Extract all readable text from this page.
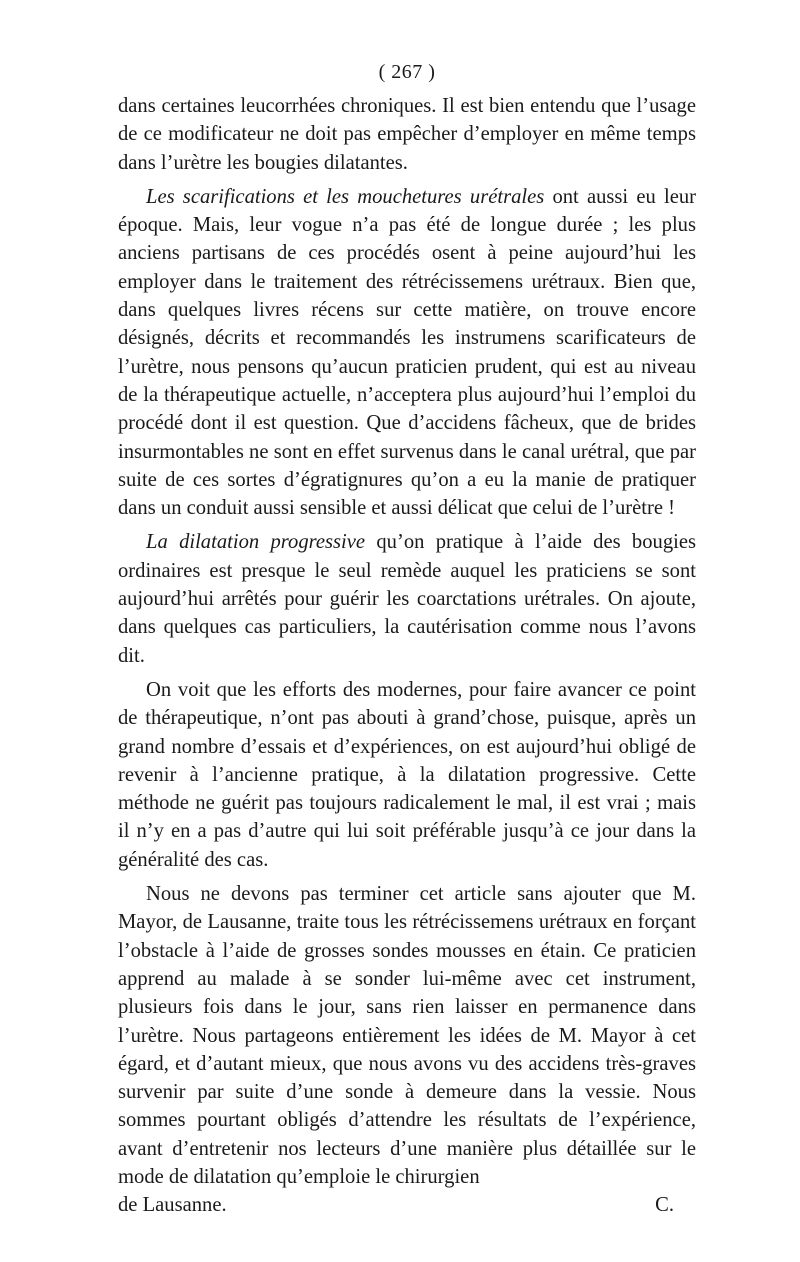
( 267 )

dans certaines leucorrhées chroniques. Il est bien entendu que l’usage de ce modificateur ne doit pas empêcher d’employer en même temps dans l’urètre les bougies dilatantes.

Les scarifications et les mouchetures urétrales ont aussi eu leur époque. Mais, leur vogue n’a pas été de longue durée ; les plus anciens partisans de ces procédés osent à peine aujourd’hui les employer dans le traitement des rétrécissemens urétraux. Bien que, dans quelques livres récens sur cette matière, on trouve encore désignés, décrits et recommandés les instrumens scarificateurs de l’urètre, nous pensons qu’aucun praticien prudent, qui est au niveau de la thérapeutique actuelle, n’acceptera plus aujourd’hui l’emploi du procédé dont il est question. Que d’accidens fâcheux, que de brides insurmontables ne sont en effet survenus dans le canal urétral, que par suite de ces sortes d’égratignures qu’on a eu la manie de pratiquer dans un conduit aussi sensible et aussi délicat que celui de l’urètre !

La dilatation progressive qu’on pratique à l’aide des bougies ordinaires est presque le seul remède auquel les praticiens se sont aujourd’hui arrêtés pour guérir les coarctations urétrales. On ajoute, dans quelques cas particuliers, la cautérisation comme nous l’avons dit.

On voit que les efforts des modernes, pour faire avancer ce point de thérapeutique, n’ont pas abouti à grand’chose, puisque, après un grand nombre d’essais et d’expériences, on est aujourd’hui obligé de revenir à l’ancienne pratique, à la dilatation progressive. Cette méthode ne guérit pas toujours radicalement le mal, il est vrai ; mais il n’y en a pas d’autre qui lui soit préférable jusqu’à ce jour dans la généralité des cas.

Nous ne devons pas terminer cet article sans ajouter que M. Mayor, de Lausanne, traite tous les rétrécissemens urétraux en forçant l’obstacle à l’aide de grosses sondes mousses en étain. Ce praticien apprend au malade à se sonder lui-même avec cet instrument, plusieurs fois dans le jour, sans rien laisser en permanence dans l’urètre. Nous partageons entièrement les idées de M. Mayor à cet égard, et d’autant mieux, que nous avons vu des accidens très-graves survenir par suite d’une sonde à demeure dans la vessie. Nous sommes pourtant obligés d’attendre les résultats de l’expérience, avant d’entretenir nos lecteurs d’une manière plus détaillée sur le mode de dilatation qu’emploie le chirurgien

de Lausanne.	C.
